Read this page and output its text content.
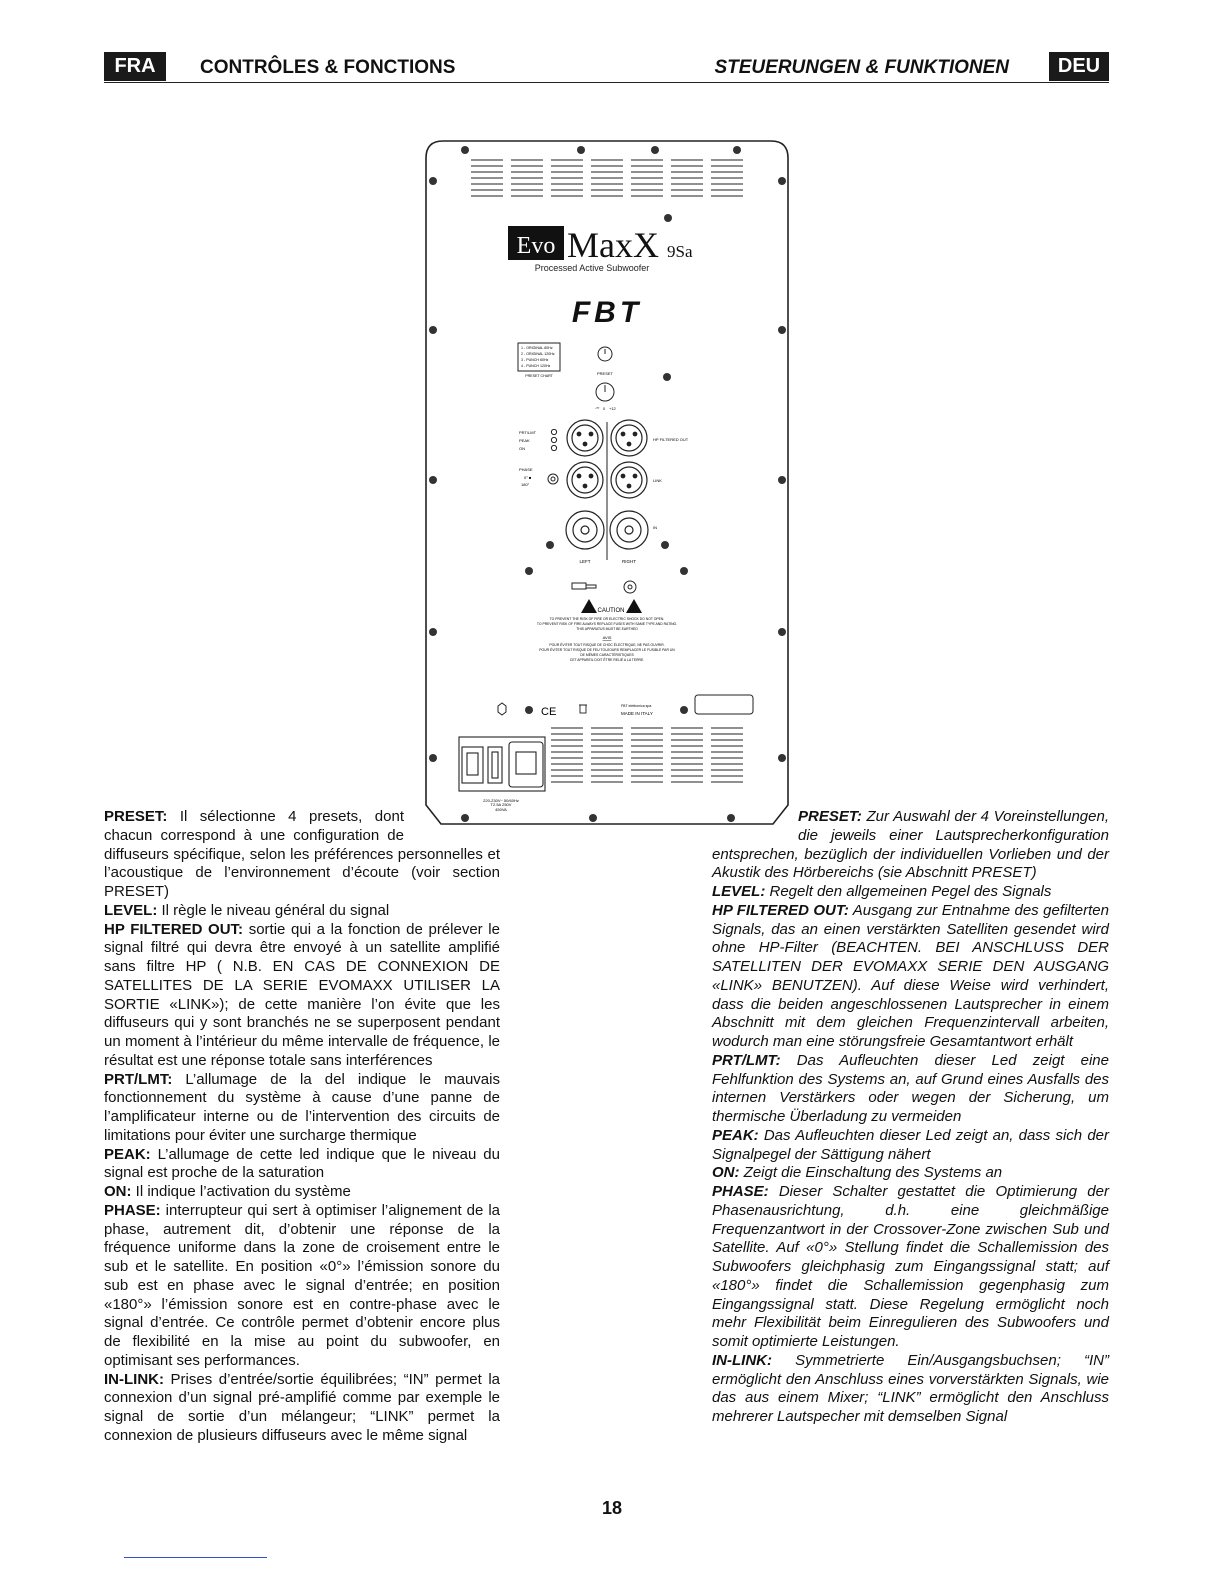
FRA	CONTRÔLES & FONCTIONS	STEUERUNGEN & FUNKTIONEN	DEU
Evo MaxX 9Sa
Processed Active Subwoofer
FBT
1 - ORIGINAL 60Hz
2 - ORIGINAL 120Hz
3 - PUNCH 60Hz
4 - PUNCH 120Hz
PRESET CHART	PRESET
-∞ 0 +12
PRT/LMT
PEAK
ON
PHASE
0° ■
180°
HP FILTERED OUT
LINK
IN
LEFT	RIGHT
CAUTION
TO PREVENT THE RISK OF FIRE OR ELECTRIC SHOCK DO NOT OPEN.
TO PREVENT RISK OF FIRE ALWAYS REPLACE FUSES WITH SAME TYPE AND RATING.
THIS APPARATUS MUST BE EARTHED
AVIS
POUR ÉVITER TOUT RISQUE DE CHOC ÉLECTRIQUE, NE PAS OUVRIR.
POUR ÉVITER TOUT RISQUE DE FEU TOUJOURS REMPLACER LE FUSIBLE PAR UN
DE MÊMES CARACTÉRISTIQUES
CET APPAREIL DOIT ÊTRE RELIÉ A LA TERRE.
CE	FBT elettronica spa
MADE IN ITALY
220-230V~ 50/60Hz
T2.5A 250V
450VA

PRESET: Il sélectionne 4 presets, dont chacun correspond à une configuration de diffuseurs spécifique, selon les préférences personnelles et l’acoustique de l’environnement d’écoute (voir section PRESET)

LEVEL: Il règle le niveau général du signal

HP FILTERED OUT: sortie qui a la fonction de prélever le signal filtré qui devra être envoyé à un satellite amplifié sans filtre HP ( N.B. EN CAS DE CONNEXION DE SATELLITES DE LA SERIE EVOMAXX UTILISER LA SORTIE «LINK»); de cette manière l’on évite que les diffuseurs qui y sont branchés ne se superposent pendant un moment à l’intérieur du même intervalle de fréquence, le résultat est une réponse totale sans interférences

PRT/LMT: L’allumage de la del indique le mauvais fonctionnement du système à cause d’une panne de l’amplificateur interne ou de l’intervention des circuits de limitations pour éviter une surcharge thermique

PEAK: L’allumage de cette led indique que le niveau du signal est proche de la saturation

ON: Il indique l’activation du système

PHASE: interrupteur qui sert à optimiser l’alignement de la phase, autrement dit, d’obtenir une réponse de la fréquence uniforme dans la zone de croisement entre le sub et le satellite. En position «0°» l’émission sonore du sub est en phase avec le signal d’entrée; en position «180°» l’émission sonore est en contre-phase avec le signal d’entrée. Ce contrôle permet d’obtenir encore plus de flexibilité en la mise au point du subwoofer, en optimisant ses performances.

IN-LINK: Prises d’entrée/sortie équilibrées; “IN” permet la connexion d’un signal pré-amplifié comme par exemple le signal de sortie d’un mélangeur; “LINK” permet la connexion de plusieurs diffuseurs avec le même signal

PRESET: Zur Auswahl der 4 Voreinstellungen, die jeweils einer Lautsprecherkonfiguration entsprechen, bezüglich der individuellen Vorlieben und der Akustik des Hörbereichs (sie Abschnitt PRESET)

LEVEL: Regelt den allgemeinen Pegel des Signals

HP FILTERED OUT: Ausgang zur Entnahme des gefilterten Signals, das an einen verstärkten Satelliten gesendet wird ohne HP-Filter (BEACHTEN. BEI ANSCHLUSS DER SATELLITEN DER EVOMAXX SERIE DEN AUSGANG «LINK» BENUTZEN). Auf diese Weise wird verhindert, dass die beiden angeschlossenen Lautsprecher in einem Abschnitt mit dem gleichen Frequenzintervall arbeiten, wodurch man eine störungsfreie Gesamtantwort erhält

PRT/LMT: Das Aufleuchten dieser Led zeigt eine Fehlfunktion des Systems an, auf Grund eines Ausfalls des internen Verstärkers oder wegen der Sicherung, um thermische Überladung zu vermeiden

PEAK: Das Aufleuchten dieser Led zeigt an, dass sich der Signalpegel der Sättigung nähert

ON: Zeigt die Einschaltung des Systems an

PHASE: Dieser Schalter gestattet die Optimierung der Phasenausrichtung, d.h. eine gleichmäßige Frequenzantwort in der Crossover-Zone zwischen Sub und Satellite. Auf «0°» Stellung findet die Schallemission des Subwoofers gleichphasig zum Eingangssignal statt; auf «180°» findet die Schallemission gegenphasig zum Eingangssignal statt. Diese Regelung ermöglicht noch mehr Flexibilität beim Einregulieren des Subwoofers und somit optimierte Leistungen.

IN-LINK: Symmetrierte Ein/Ausgangsbuchsen; “IN” ermöglicht den Anschluss eines vorverstärkten Signals, wie das aus einem Mixer; “LINK” ermöglicht den Anschluss mehrerer Lautspecher mit demselben Signal

18
